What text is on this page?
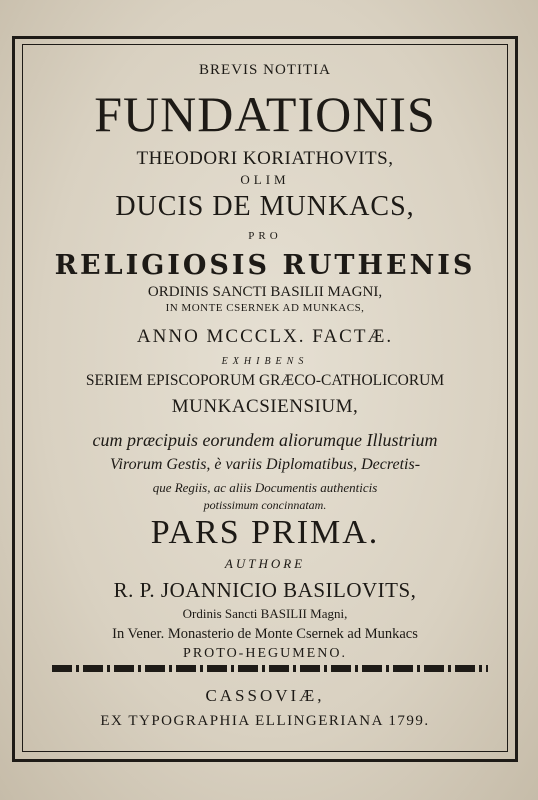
BREVIS NOTITIA
FUNDATIONIS
THEODORI KORIATHOVITS,
OLIM
DUCIS DE MUNKACS,
PRO
RELIGIOSIS RUTHENIS
ORDINIS SANCTI BASILII MAGNI,
IN MONTE CSERNEK AD MUNKACS,
ANNO MCCCLX. FACTÆ.
EXHIBENS
SERIEM EPISCOPORUM GRÆCO-CATHOLICORUM
MUNKACSIENSIUM,
cum præcipuis eorundem aliorumque Illustrium
Virorum Gestis, è variis Diplomatibus, Decretis-
que Regiis, ac aliis Documentis authenticis
potissimum concinnatam.
PARS PRIMA.
AUTHORE
R. P. JOANNICIO BASILOVITS,
Ordinis Sancti BASILII Magni,
In Vener. Monasterio de Monte Csernek ad Munkacs
PROTO-HEGUMENO.
CASSOVIÆ,
EX TYPOGRAPHIA ELLINGERIANA 1799.
